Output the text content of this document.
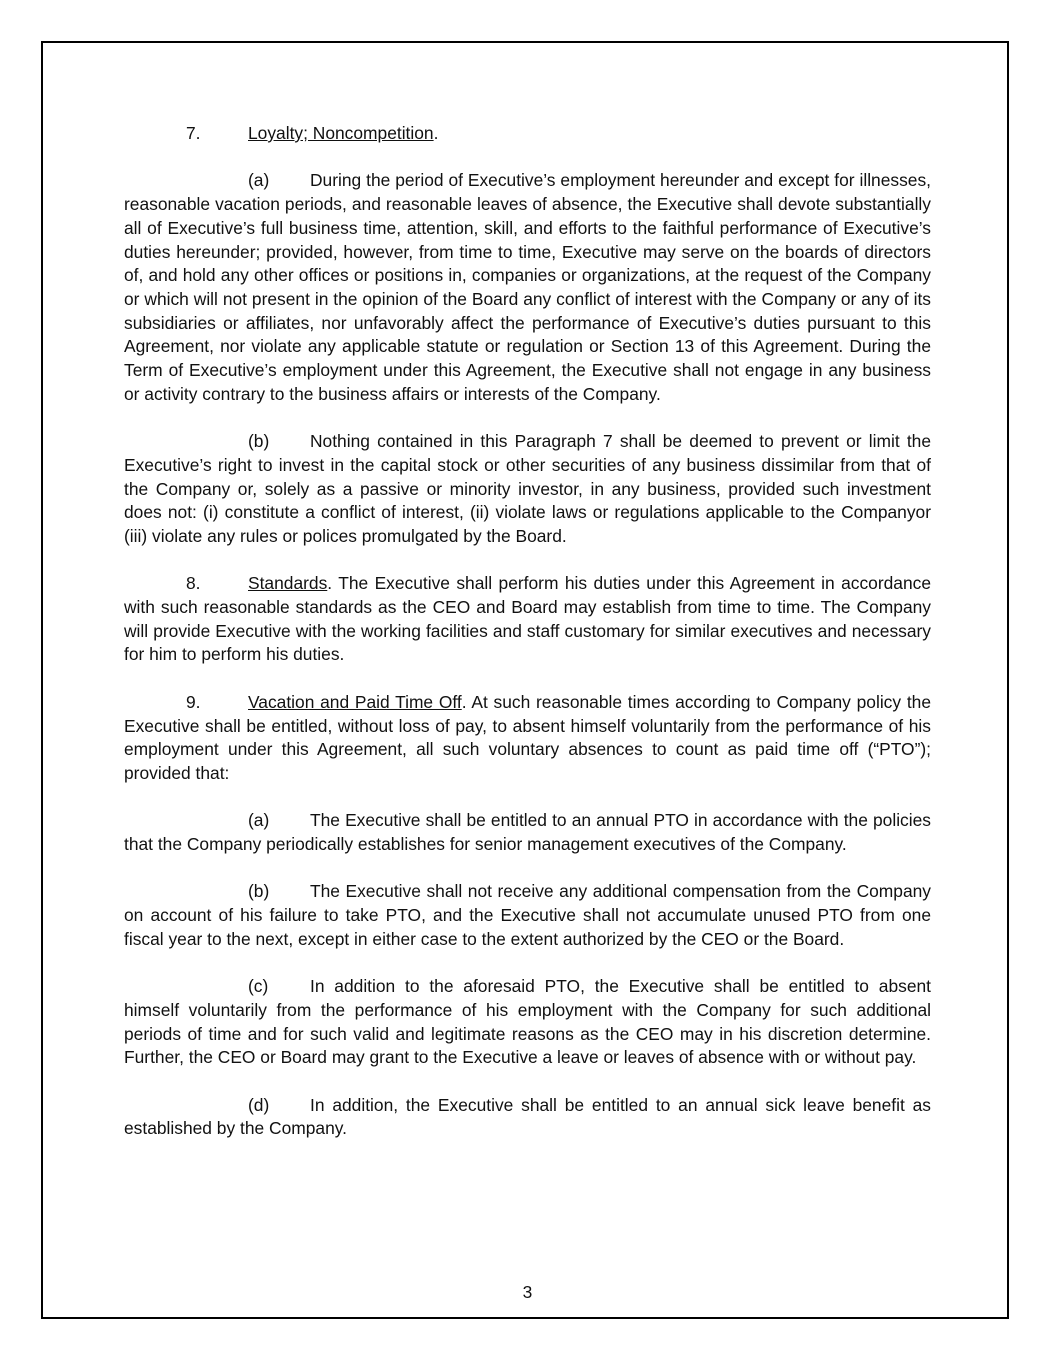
7.	Loyalty; Noncompetition.

(a) During the period of Executive’s employment hereunder and except for illnesses, reasonable vacation periods, and reasonable leaves of absence, the Executive shall devote substantially all of Executive’s full business time, attention, skill, and efforts to the faithful performance of Executive’s duties hereunder; provided, however, from time to time, Executive may serve on the boards of directors of, and hold any other offices or positions in, companies or organizations, at the request of the Company or which will not present in the opinion of the Board any conflict of interest with the Company or any of its subsidiaries or affiliates, nor unfavorably affect the performance of Executive’s duties pursuant to this Agreement, nor violate any applicable statute or regulation or Section 13 of this Agreement. During the Term of Executive’s employment under this Agreement, the Executive shall not engage in any business or activity contrary to the business affairs or interests of the Company.

(b) Nothing contained in this Paragraph 7 shall be deemed to prevent or limit the Executive’s right to invest in the capital stock or other securities of any business dissimilar from that of the Company or, solely as a passive or minority investor, in any business, provided such investment does not: (i) constitute a conflict of interest, (ii) violate laws or regulations applicable to the Companyor (iii) violate any rules or polices promulgated by the Board.

8.	Standards. The Executive shall perform his duties under this Agreement in accordance with such reasonable standards as the CEO and Board may establish from time to time. The Company will provide Executive with the working facilities and staff customary for similar executives and necessary for him to perform his duties.

9.	Vacation and Paid Time Off. At such reasonable times according to Company policy the Executive shall be entitled, without loss of pay, to absent himself voluntarily from the performance of his employment under this Agreement, all such voluntary absences to count as paid time off (“PTO”); provided that:

(a) The Executive shall be entitled to an annual PTO in accordance with the policies that the Company periodically establishes for senior management executives of the Company.

(b) The Executive shall not receive any additional compensation from the Company on account of his failure to take PTO, and the Executive shall not accumulate unused PTO from one fiscal year to the next, except in either case to the extent authorized by the CEO or the Board.

(c) In addition to the aforesaid PTO, the Executive shall be entitled to absent himself voluntarily from the performance of his employment with the Company for such additional periods of time and for such valid and legitimate reasons as the CEO may in his discretion determine. Further, the CEO or Board may grant to the Executive a leave or leaves of absence with or without pay.

(d) In addition, the Executive shall be entitled to an annual sick leave benefit as established by the Company.

3
